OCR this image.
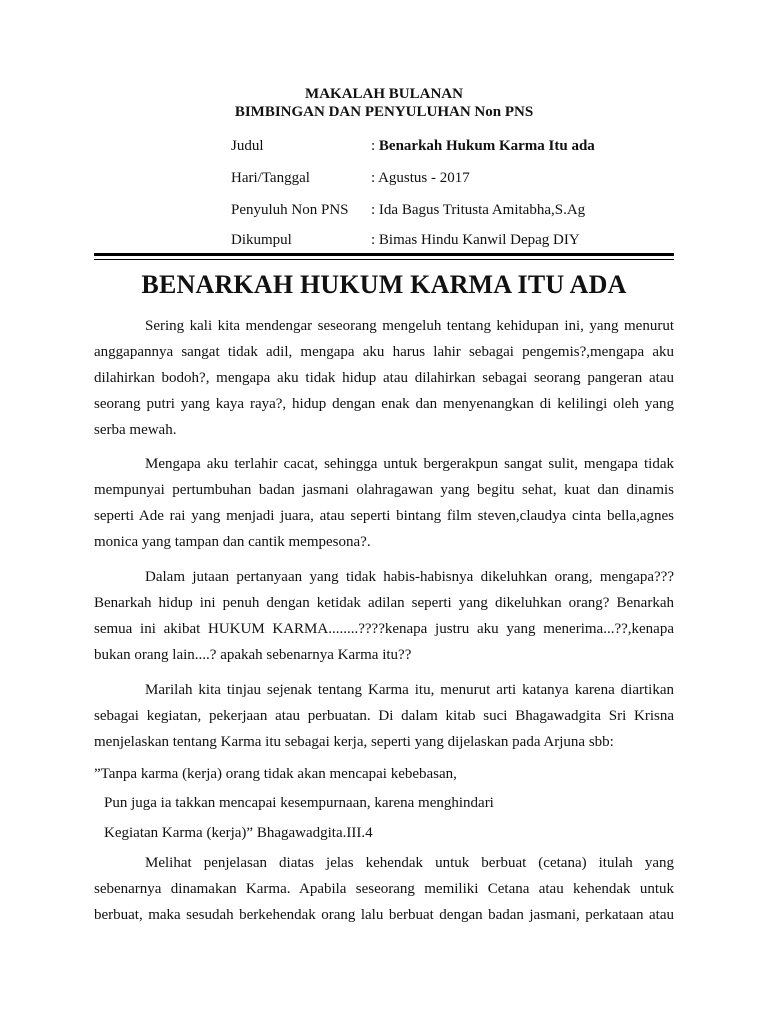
MAKALAH BULANAN
BIMBINGAN DAN PENYULUHAN Non PNS
Judul	: Benarkah Hukum Karma Itu ada
Hari/Tanggal	: Agustus - 2017
Penyuluh Non PNS : Ida Bagus Tritusta Amitabha,S.Ag
Dikumpul	: Bimas Hindu Kanwil Depag DIY
BENARKAH HUKUM KARMA ITU ADA
Sering kali kita mendengar seseorang mengeluh tentang kehidupan ini, yang menurut
anggapannya sangat tidak adil, mengapa aku harus lahir sebagai pengemis?,mengapa aku
dilahirkan bodoh?, mengapa aku tidak hidup atau dilahirkan sebagai seorang pangeran atau
seorang putri yang kaya raya?, hidup dengan enak dan menyenangkan di kelilingi oleh yang
serba mewah.
Mengapa aku terlahir cacat, sehingga untuk bergerakpun sangat sulit, mengapa tidak
mempunyai pertumbuhan badan jasmani olahragawan yang begitu sehat, kuat dan dinamis
seperti Ade rai yang menjadi juara, atau seperti bintang film steven,claudya cinta bella,agnes
monica yang tampan dan cantik mempesona?.
Dalam jutaan pertanyaan yang tidak habis-habisnya dikeluhkan orang, mengapa???
Benarkah hidup ini penuh dengan ketidak adilan seperti yang dikeluhkan orang? Benarkah
semua ini akibat HUKUM KARMA........????kenapa justru aku yang menerima...??,kenapa
bukan orang lain....? apakah sebenarnya Karma itu??
Marilah kita tinjau sejenak tentang Karma itu, menurut arti katanya karena diartikan
sebagai kegiatan, pekerjaan atau perbuatan. Di dalam kitab suci Bhagawadgita Sri Krisna
menjelaskan tentang Karma itu sebagai kerja, seperti yang dijelaskan pada Arjuna sbb:
”Tanpa karma (kerja) orang tidak akan mencapai kebebasan,
Pun juga ia takkan mencapai kesempurnaan, karena menghindari
Kegiatan Karma (kerja)” Bhagawadgita.III.4
Melihat penjelasan diatas jelas kehendak untuk berbuat (cetana) itulah yang
sebenarnya dinamakan Karma. Apabila seseorang memiliki Cetana atau kehendak untuk
berbuat, maka sesudah berkehendak orang lalu berbuat dengan badan jasmani, perkataan atau
